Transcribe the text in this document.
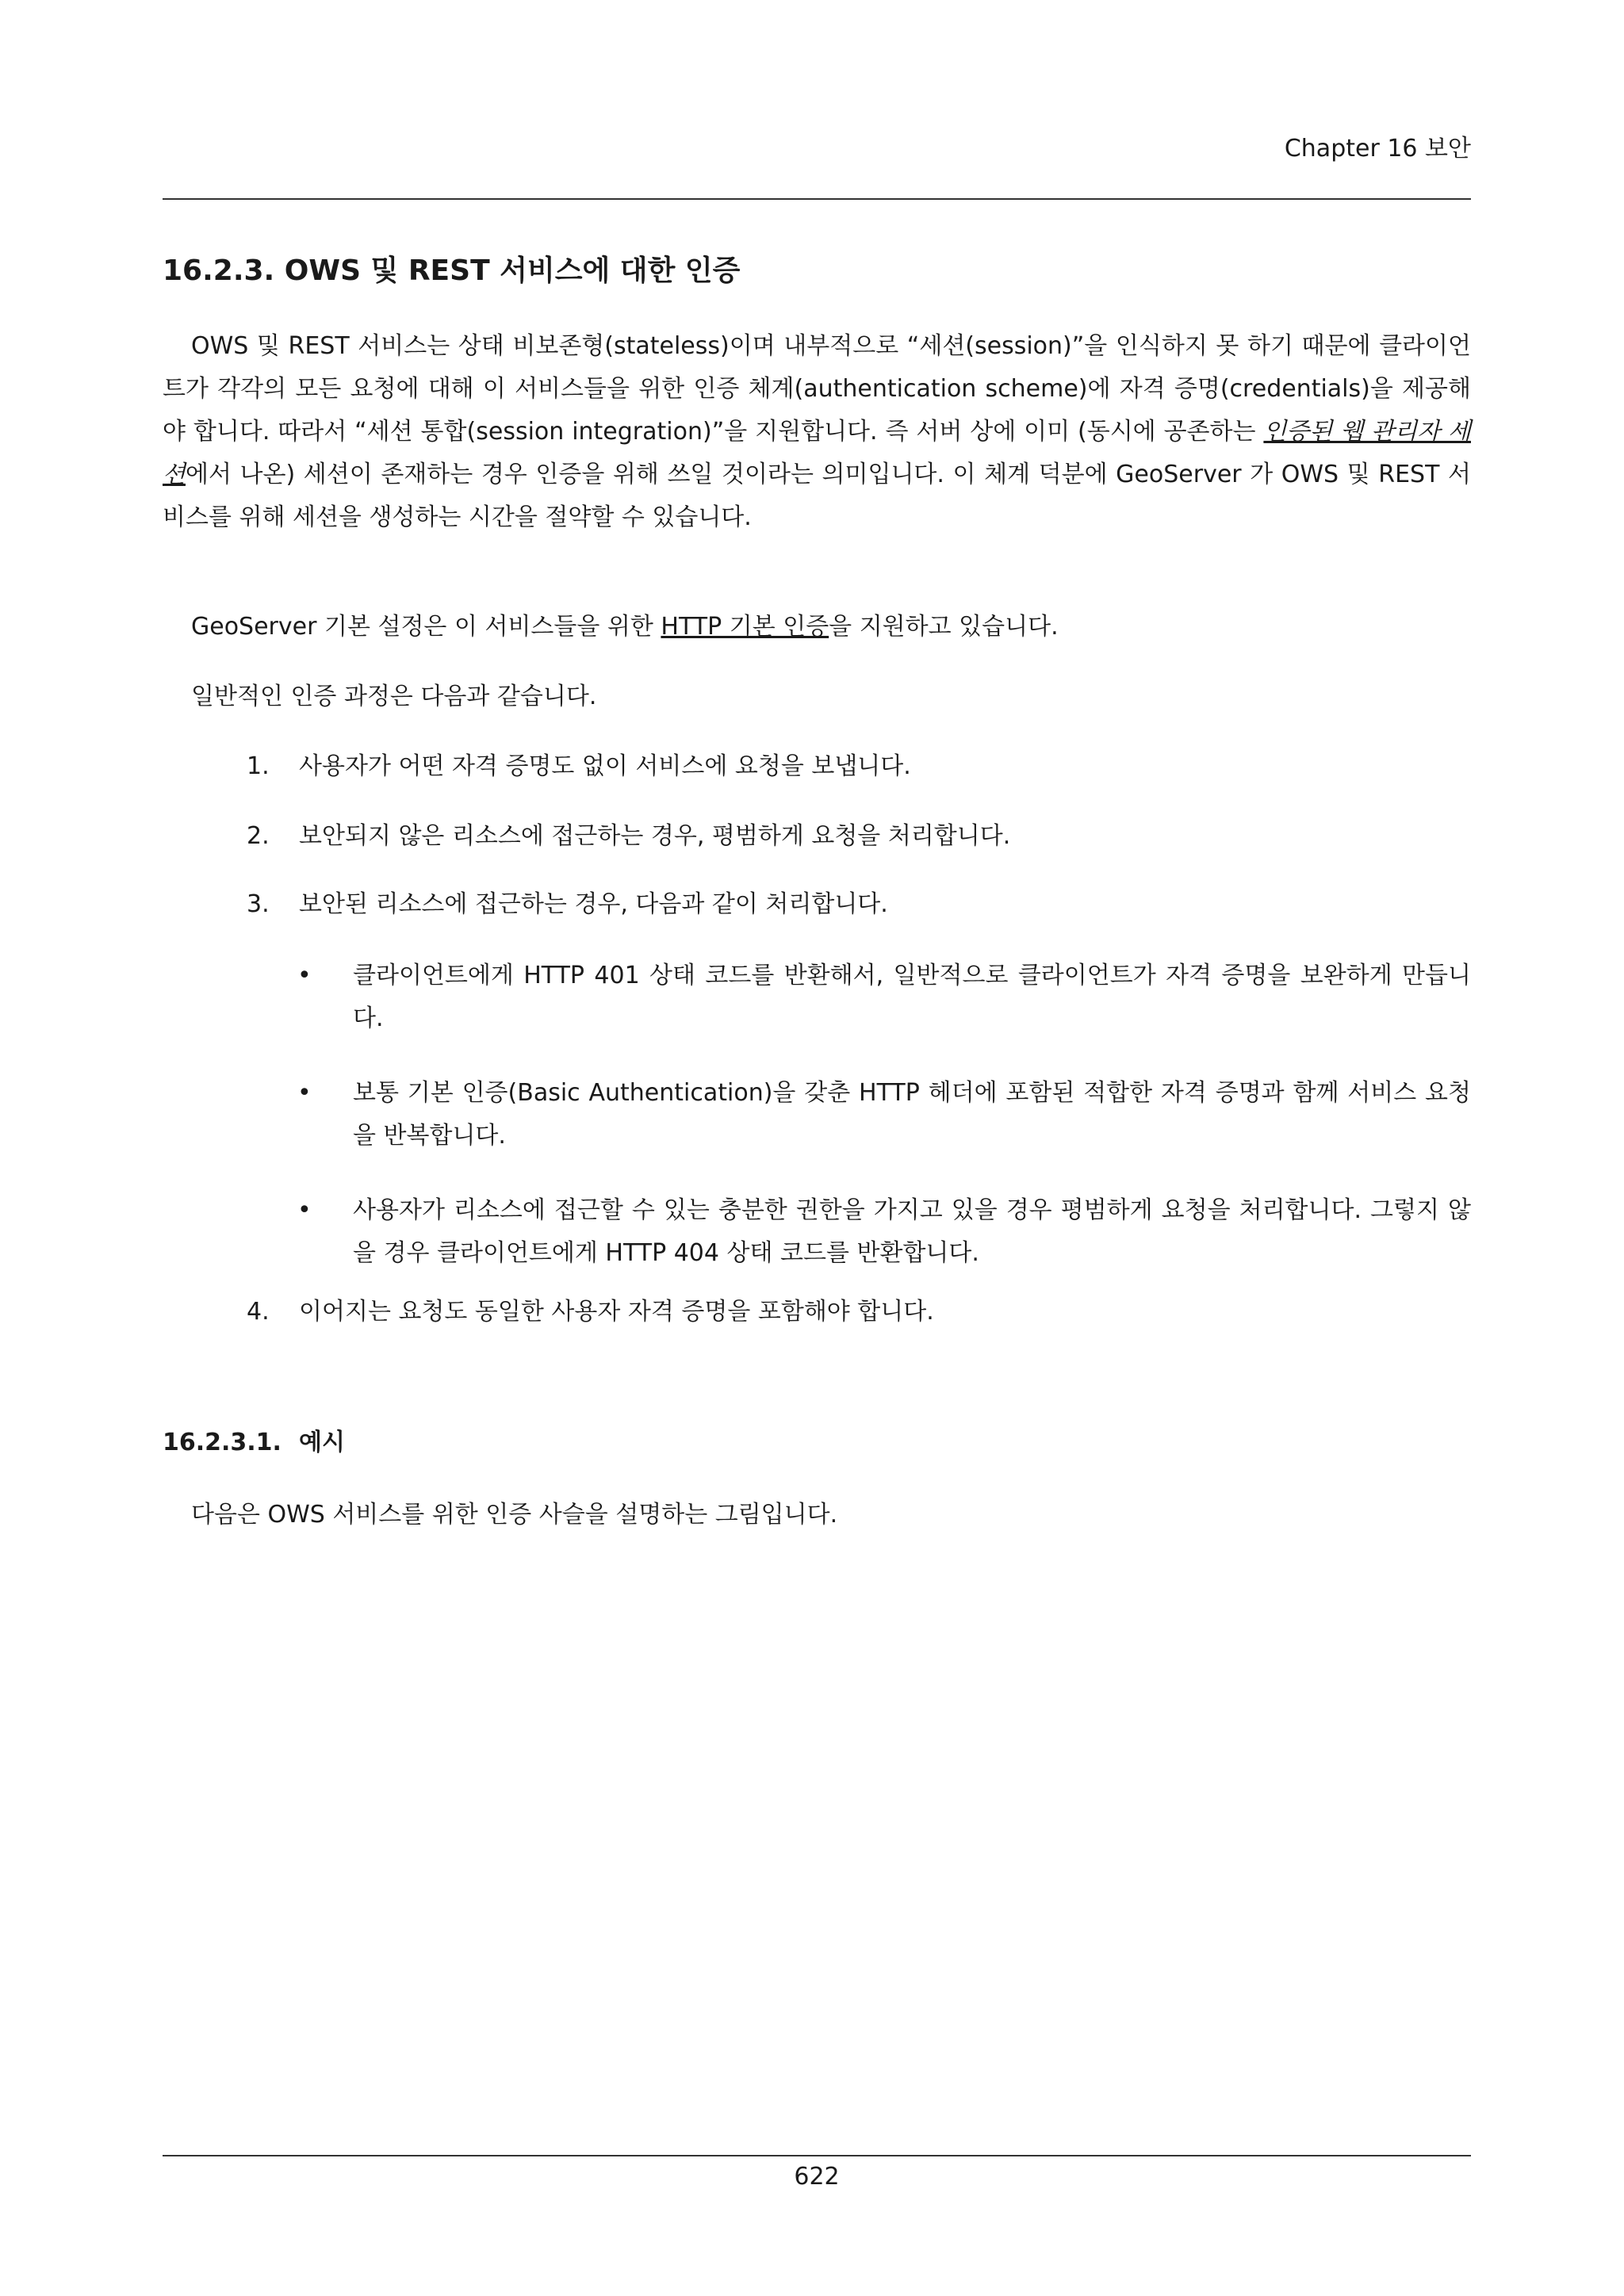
Chapter 16 보안
16.2.3. OWS 및 REST 서비스에 대한 인증

OWS 및 REST 서비스는 상태 비보존형(stateless)이며 내부적으로 “세션(session)”을 인식하지 못 하기 때문에 클라이언트가 각각의 모든 요청에 대해 이 서비스들을 위한 인증 체계(authentication scheme)에 자격 증명(credentials)을 제공해야 합니다. 따라서 “세션 통합(session integration)”을 지원합니다. 즉 서버 상에 이미 (동시에 공존하는 인증된 웹 관리자 세션에서 나온) 세션이 존재하는 경우 인증을 위해 쓰일 것이라는 의미입니다. 이 체계 덕분에 GeoServer 가 OWS 및 REST 서비스를 위해 세션을 생성하는 시간을 절약할 수 있습니다.

GeoServer 기본 설정은 이 서비스들을 위한 HTTP 기본 인증을 지원하고 있습니다.

일반적인 인증 과정은 다음과 같습니다.

1.	사용자가 어떤 자격 증명도 없이 서비스에 요청을 보냅니다.
2.	보안되지 않은 리소스에 접근하는 경우, 평범하게 요청을 처리합니다.
3.	보안된 리소스에 접근하는 경우, 다음과 같이 처리합니다.
•	클라이언트에게 HTTP 401 상태 코드를 반환해서, 일반적으로 클라이언트가 자격 증명을 보완하게 만듭니다.
•	보통 기본 인증(Basic Authentication)을 갖춘 HTTP 헤더에 포함된 적합한 자격 증명과 함께 서비스 요청을 반복합니다.
•	사용자가 리소스에 접근할 수 있는 충분한 권한을 가지고 있을 경우 평범하게 요청을 처리합니다. 그렇지 않을 경우 클라이언트에게 HTTP 404 상태 코드를 반환합니다.
4.	이어지는 요청도 동일한 사용자 자격 증명을 포함해야 합니다.
16.2.3.1. 예시

다음은 OWS 서비스를 위한 인증 사슬을 설명하는 그림입니다.

622
